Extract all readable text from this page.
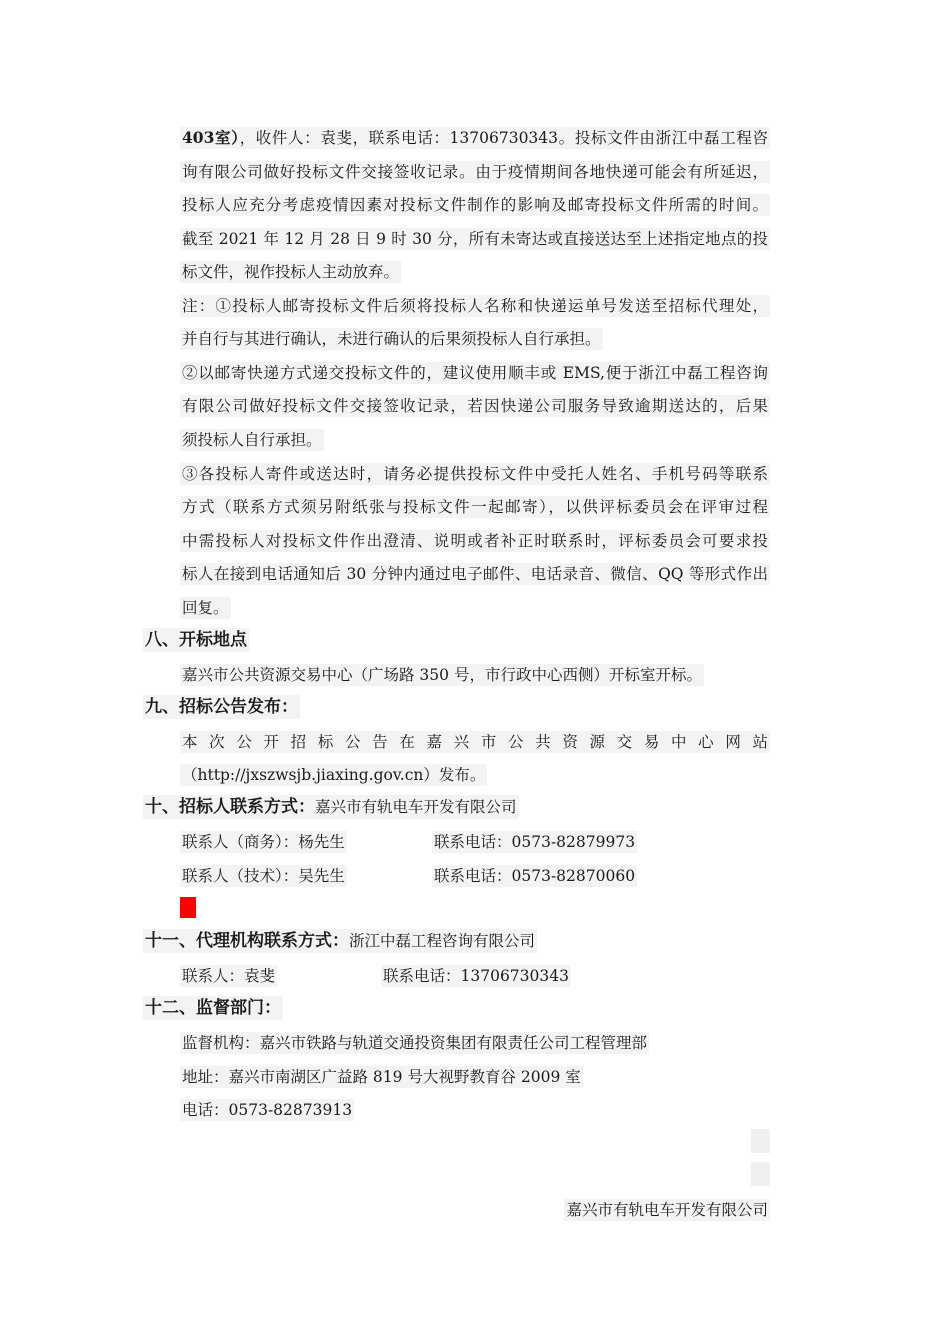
403室），收件人：袁斐，联系电话：13706730343。投标文件由浙江中磊工程咨
询有限公司做好投标文件交接签收记录。由于疫情期间各地快递可能会有所延迟，
投标人应充分考虑疫情因素对投标文件制作的影响及邮寄投标文件所需的时间。
截至 2021 年 12 月 28 日 9 时 30 分，所有未寄达或直接送达至上述指定地点的投
标文件，视作投标人主动放弃。
注：①投标人邮寄投标文件后须将投标人名称和快递运单号发送至招标代理处，
并自行与其进行确认，未进行确认的后果须投标人自行承担。
②以邮寄快递方式递交投标文件的，建议使用顺丰或 EMS,便于浙江中磊工程咨询
有限公司做好投标文件交接签收记录，若因快递公司服务导致逾期送达的，后果
须投标人自行承担。
③各投标人寄件或送达时，请务必提供投标文件中受托人姓名、手机号码等联系
方式（联系方式须另附纸张与投标文件一起邮寄），以供评标委员会在评审过程
中需投标人对投标文件作出澄清、说明或者补正时联系时，评标委员会可要求投
标人在接到电话通知后 30 分钟内通过电子邮件、电话录音、微信、QQ 等形式作出
回复。
八、开标地点
嘉兴市公共资源交易中心（广场路 350 号，市行政中心西侧）开标室开标。
九、招标公告发布：
本次公开招标公告在嘉兴市公共资源交易中心网站
（http://jxszwsjb.jiaxing.gov.cn）发布。
十、招标人联系方式：嘉兴市有轨电车开发有限公司
联系人（商务）：杨先生	联系电话：0573-82879973
联系人（技术）：吴先生	联系电话：0573-82870060
十一、代理机构联系方式：浙江中磊工程咨询有限公司
联系人：袁斐	联系电话：13706730343
十二、监督部门：
监督机构：嘉兴市铁路与轨道交通投资集团有限责任公司工程管理部
地址：嘉兴市南湖区广益路 819 号大视野教育谷 2009 室
电话：0573-82873913
嘉兴市有轨电车开发有限公司
